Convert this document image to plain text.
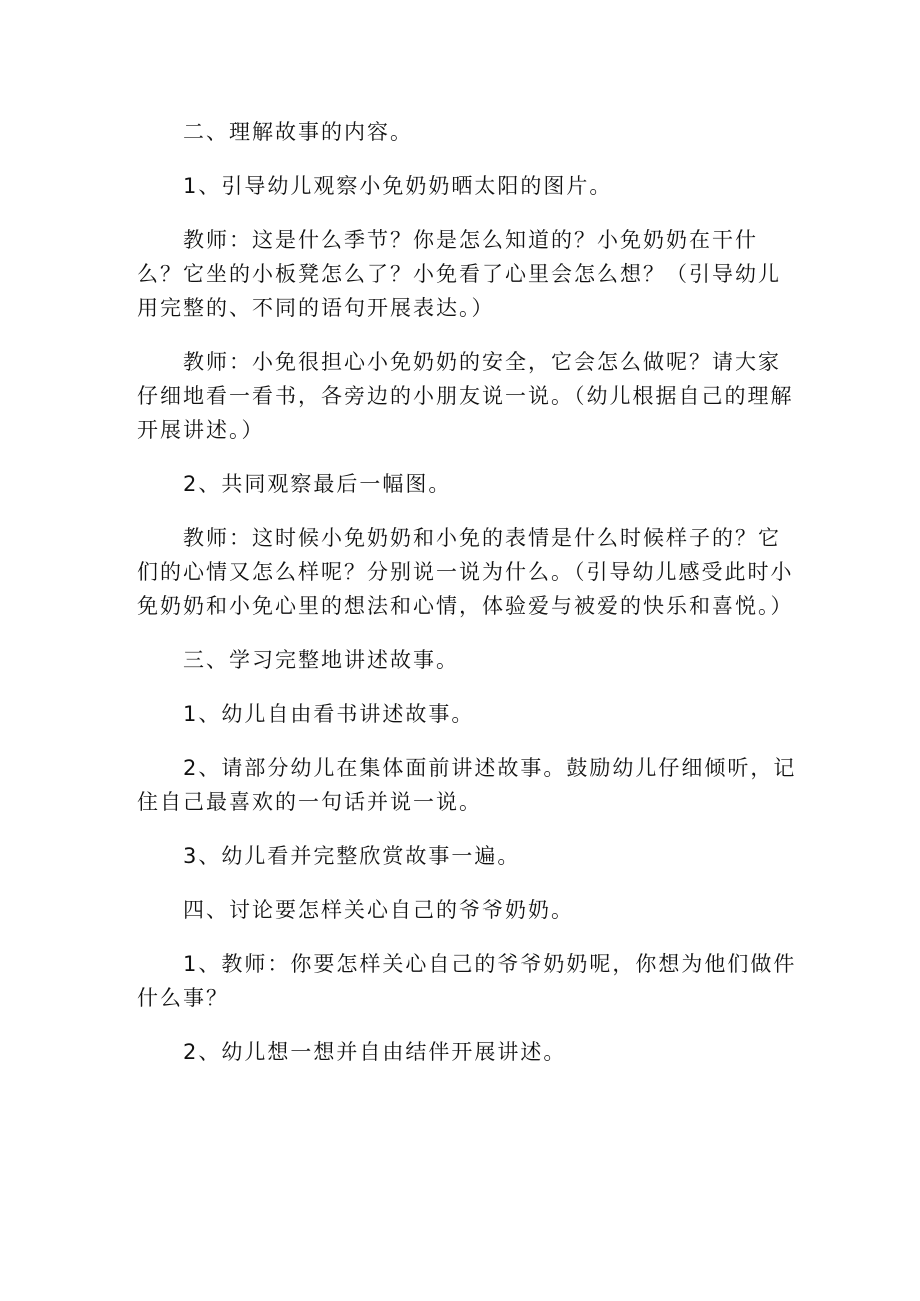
二、理解故事的内容。

1、引导幼儿观察小免奶奶晒太阳的图片。

教师：这是什么季节？你是怎么知道的？小免奶奶在干什么？它坐的小板凳怎么了？小免看了心里会怎么想？（引导幼儿用完整的、不同的语句开展表达。）

教师：小免很担心小免奶奶的安全，它会怎么做呢？请大家仔细地看一看书，各旁边的小朋友说一说。（幼儿根据自己的理解开展讲述。）

2、共同观察最后一幅图。

教师：这时候小免奶奶和小免的表情是什么时候样子的？它们的心情又怎么样呢？分别说一说为什么。（引导幼儿感受此时小免奶奶和小免心里的想法和心情，体验爱与被爱的快乐和喜悦。）

三、学习完整地讲述故事。

1、幼儿自由看书讲述故事。

2、请部分幼儿在集体面前讲述故事。鼓励幼儿仔细倾听，记住自己最喜欢的一句话并说一说。

3、幼儿看并完整欣赏故事一遍。

四、讨论要怎样关心自己的爷爷奶奶。

1、教师：你要怎样关心自己的爷爷奶奶呢，你想为他们做件什么事？

2、幼儿想一想并自由结伴开展讲述。
